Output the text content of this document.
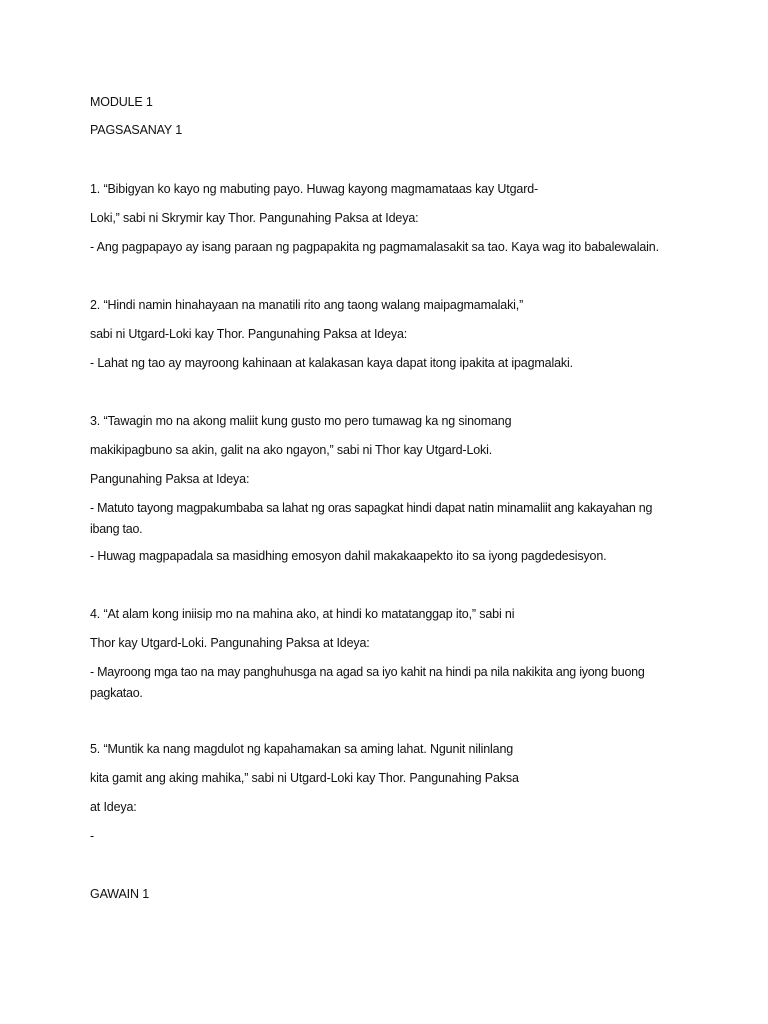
MODULE 1
PAGSASANAY 1
1. “Bibigyan ko kayo ng mabuting payo. Huwag kayong magmamataas kay Utgard-
Loki,” sabi ni Skrymir kay Thor. Pangunahing Paksa at Ideya:
- Ang pagpapayo ay isang paraan ng pagpapakita ng pagmamalasakit sa tao. Kaya wag ito babalewalain.
2. “Hindi namin hinahayaan na manatili rito ang taong walang maipagmamalaki,”
sabi ni Utgard-Loki kay Thor. Pangunahing Paksa at Ideya:
- Lahat ng tao ay mayroong kahinaan at kalakasan kaya dapat itong ipakita at ipagmalaki.
3. “Tawagin mo na akong maliit kung gusto mo pero tumawag ka ng sinomang
makikipagbuno sa akin, galit na ako ngayon,” sabi ni Thor kay Utgard-Loki.
Pangunahing Paksa at Ideya:
- Matuto tayong magpakumbaba sa lahat ng oras sapagkat hindi dapat natin minamaliit ang kakayahan ng ibang tao.
- Huwag magpapadala sa masidhing emosyon dahil makakaapekto ito sa iyong pagdedesisyon.
4. “At alam kong iniisip mo na mahina ako, at hindi ko matatanggap ito,” sabi ni
Thor kay Utgard-Loki. Pangunahing Paksa at Ideya:
- Mayroong mga tao na may panghuhusga na agad sa iyo kahit na hindi pa nila nakikita ang iyong buong pagkatao.
5. “Muntik ka nang magdulot ng kapahamakan sa aming lahat. Ngunit nilinlang
kita gamit ang aking mahika,” sabi ni Utgard-Loki kay Thor. Pangunahing Paksa
at Ideya:
-
GAWAIN 1
